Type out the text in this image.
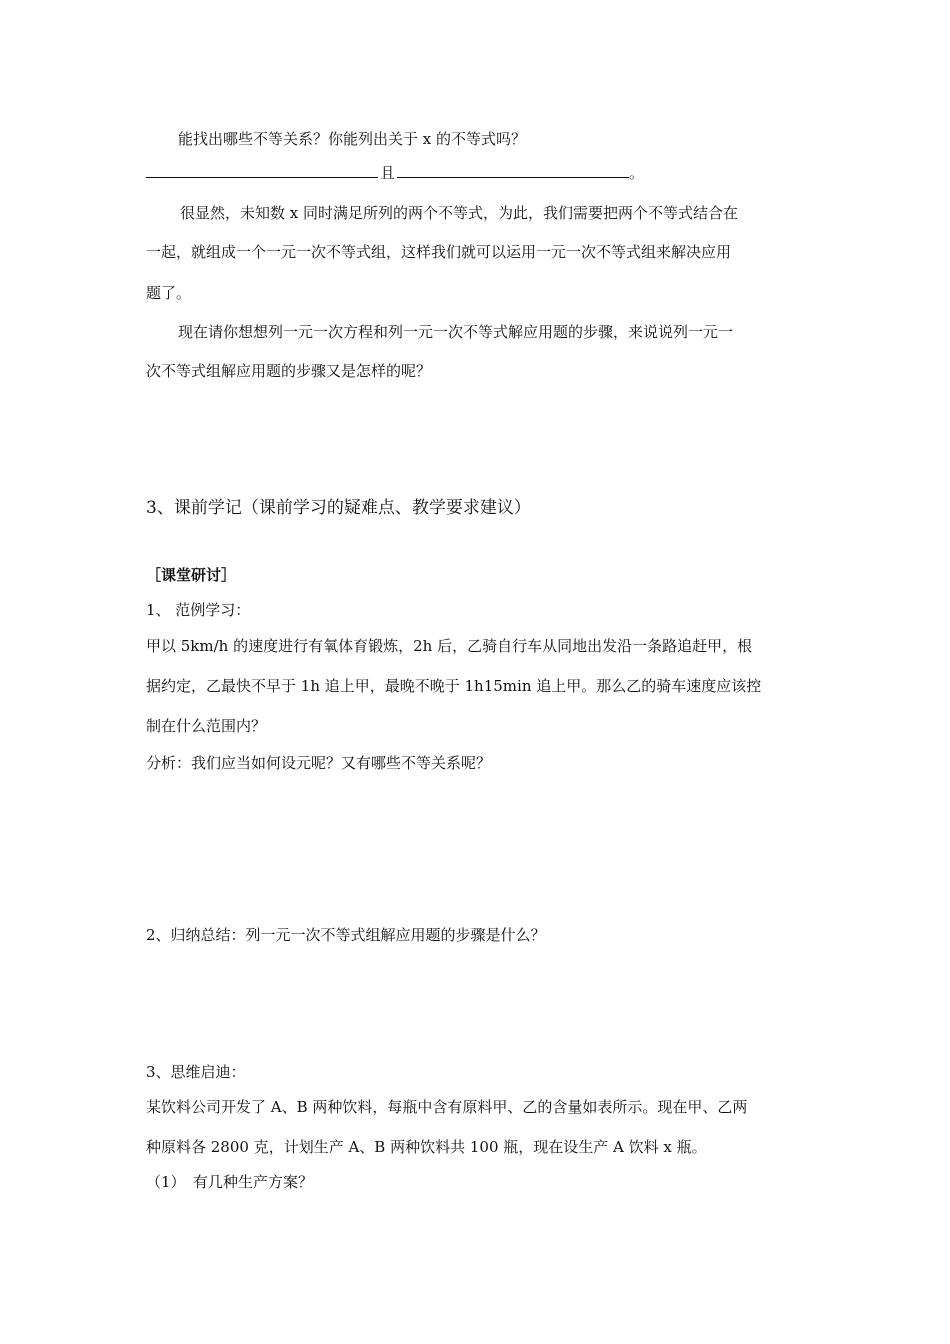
能找出哪些不等关系？你能列出关于 x 的不等式吗？
且	。
很显然，未知数 x 同时满足所列的两个不等式，为此，我们需要把两个不等式结合在
一起，就组成一个一元一次不等式组，这样我们就可以运用一元一次不等式组来解决应用
题了。
现在请你想想列一元一次方程和列一元一次不等式解应用题的步骤，来说说列一元一
次不等式组解应用题的步骤又是怎样的呢？
3、课前学记（课前学习的疑难点、教学要求建议）
［课堂研讨］
1、 范例学习：
甲以 5km/h 的速度进行有氧体育锻炼，2h 后，乙骑自行车从同地出发沿一条路追赶甲，根
据约定，乙最快不早于 1h 追上甲，最晚不晚于 1h15min 追上甲。那么乙的骑车速度应该控
制在什么范围内？
分析：我们应当如何设元呢？又有哪些不等关系呢？
2、归纳总结：列一元一次不等式组解应用题的步骤是什么？
3、思维启迪：
某饮料公司开发了 A、B 两种饮料，每瓶中含有原料甲、乙的含量如表所示。现在甲、乙两
种原料各 2800 克，计划生产 A、B 两种饮料共 100 瓶，现在设生产 A 饮料 x 瓶。
（1）　有几种生产方案？
